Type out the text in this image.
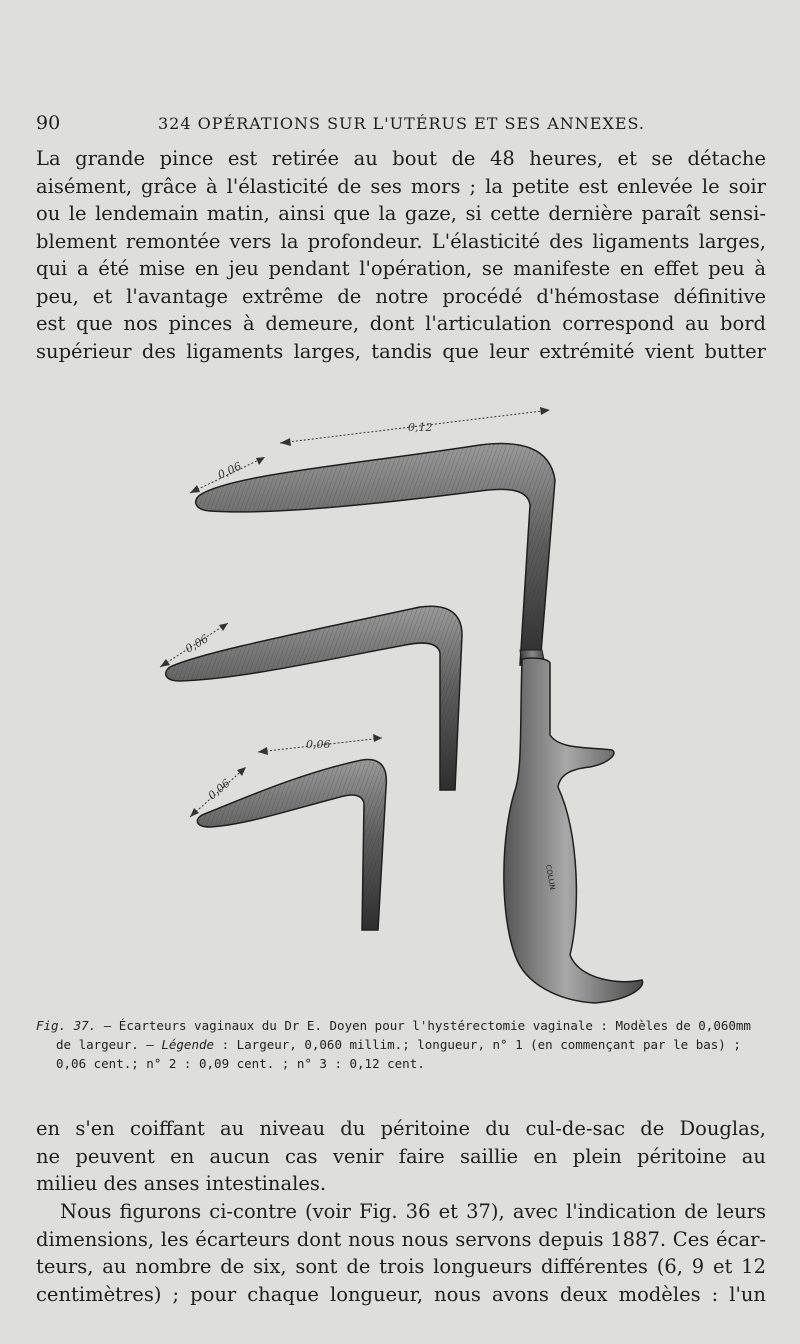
90	324 OPÉRATIONS SUR L'UTÉRUS ET SES ANNEXES.
La grande pince est retirée au bout de 48 heures, et se détache
aisément, grâce à l'élasticité de ses mors ; la petite est enlevée le soir
ou le lendemain matin, ainsi que la gaze, si cette dernière paraît sensi-
blement remontée vers la profondeur. L'élasticité des ligaments larges,
qui a été mise en jeu pendant l'opération, se manifeste en effet peu à
peu, et l'avantage extrême de notre procédé d'hémostase définitive
est que nos pinces à demeure, dont l'articulation correspond au bord
supérieur des ligaments larges, tandis que leur extrémité vient butter
COLLIN
0,12
0,06
0,06
0,06
0,06
Fig. 37. — Écarteurs vaginaux du Dr E. Doyen pour l'hystérectomie vaginale : Modèles de 0,060mm
de largeur. — Légende : Largeur, 0,060 millim.; longueur, n° 1 (en commençant par le bas) ;
0,06 cent.; n° 2 : 0,09 cent. ; n° 3 : 0,12 cent.
en s'en coiffant au niveau du péritoine du cul-de-sac de Douglas,
ne peuvent en aucun cas venir faire saillie en plein péritoine au
milieu des anses intestinales.
Nous figurons ci-contre (voir Fig. 36 et 37), avec l'indication de leurs
dimensions, les écarteurs dont nous nous servons depuis 1887. Ces écar-
teurs, au nombre de six, sont de trois longueurs différentes (6, 9 et 12
centimètres) ; pour chaque longueur, nous avons deux modèles : l'un
